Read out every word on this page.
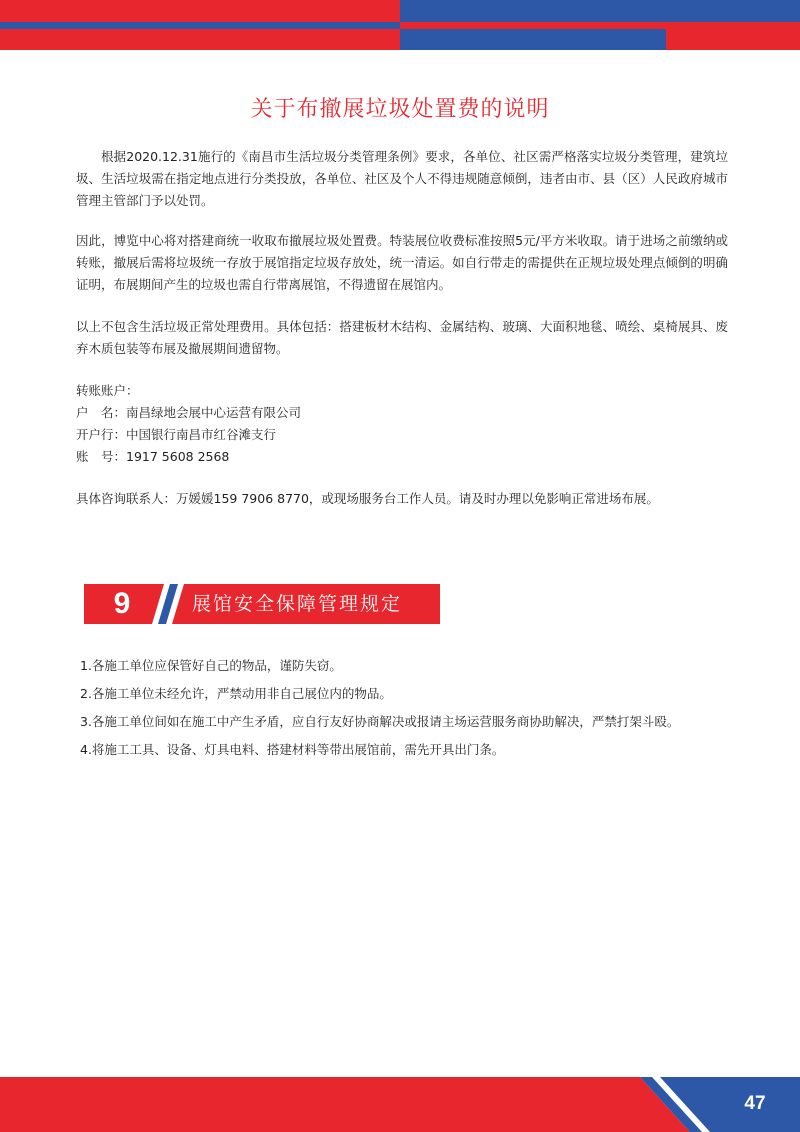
关于布撤展垃圾处置费的说明
根据2020.12.31施行的《南昌市生活垃圾分类管理条例》要求，各单位、社区需严格落实垃圾分类管理，建筑垃圾、生活垃圾需在指定地点进行分类投放，各单位、社区及个人不得违规随意倾倒，违者由市、县（区）人民政府城市管理主管部门予以处罚。
因此，博览中心将对搭建商统一收取布撤展垃圾处置费。特装展位收费标准按照5元/平方米收取。请于进场之前缴纳或转账，撤展后需将垃圾统一存放于展馆指定垃圾存放处，统一清运。如自行带走的需提供在正规垃圾处理点倾倒的明确证明，布展期间产生的垃圾也需自行带离展馆，不得遗留在展馆内。
以上不包含生活垃圾正常处理费用。具体包括：搭建板材木结构、金属结构、玻璃、大面积地毯、喷绘、桌椅展具、废弃木质包装等布展及撤展期间遗留物。
转账账户：
户　名：南昌绿地会展中心运营有限公司
开户行：中国银行南昌市红谷滩支行
账　号：1917 5608 2568
具体咨询联系人：万媛媛159 7906 8770，或现场服务台工作人员。请及时办理以免影响正常进场布展。
9	展馆安全保障管理规定
1.各施工单位应保管好自己的物品，谨防失窃。
2.各施工单位未经允许，严禁动用非自己展位内的物品。
3.各施工单位间如在施工中产生矛盾，应自行友好协商解决或报请主场运营服务商协助解决，严禁打架斗殴。
4.将施工工具、设备、灯具电料、搭建材料等带出展馆前，需先开具出门条。
47
